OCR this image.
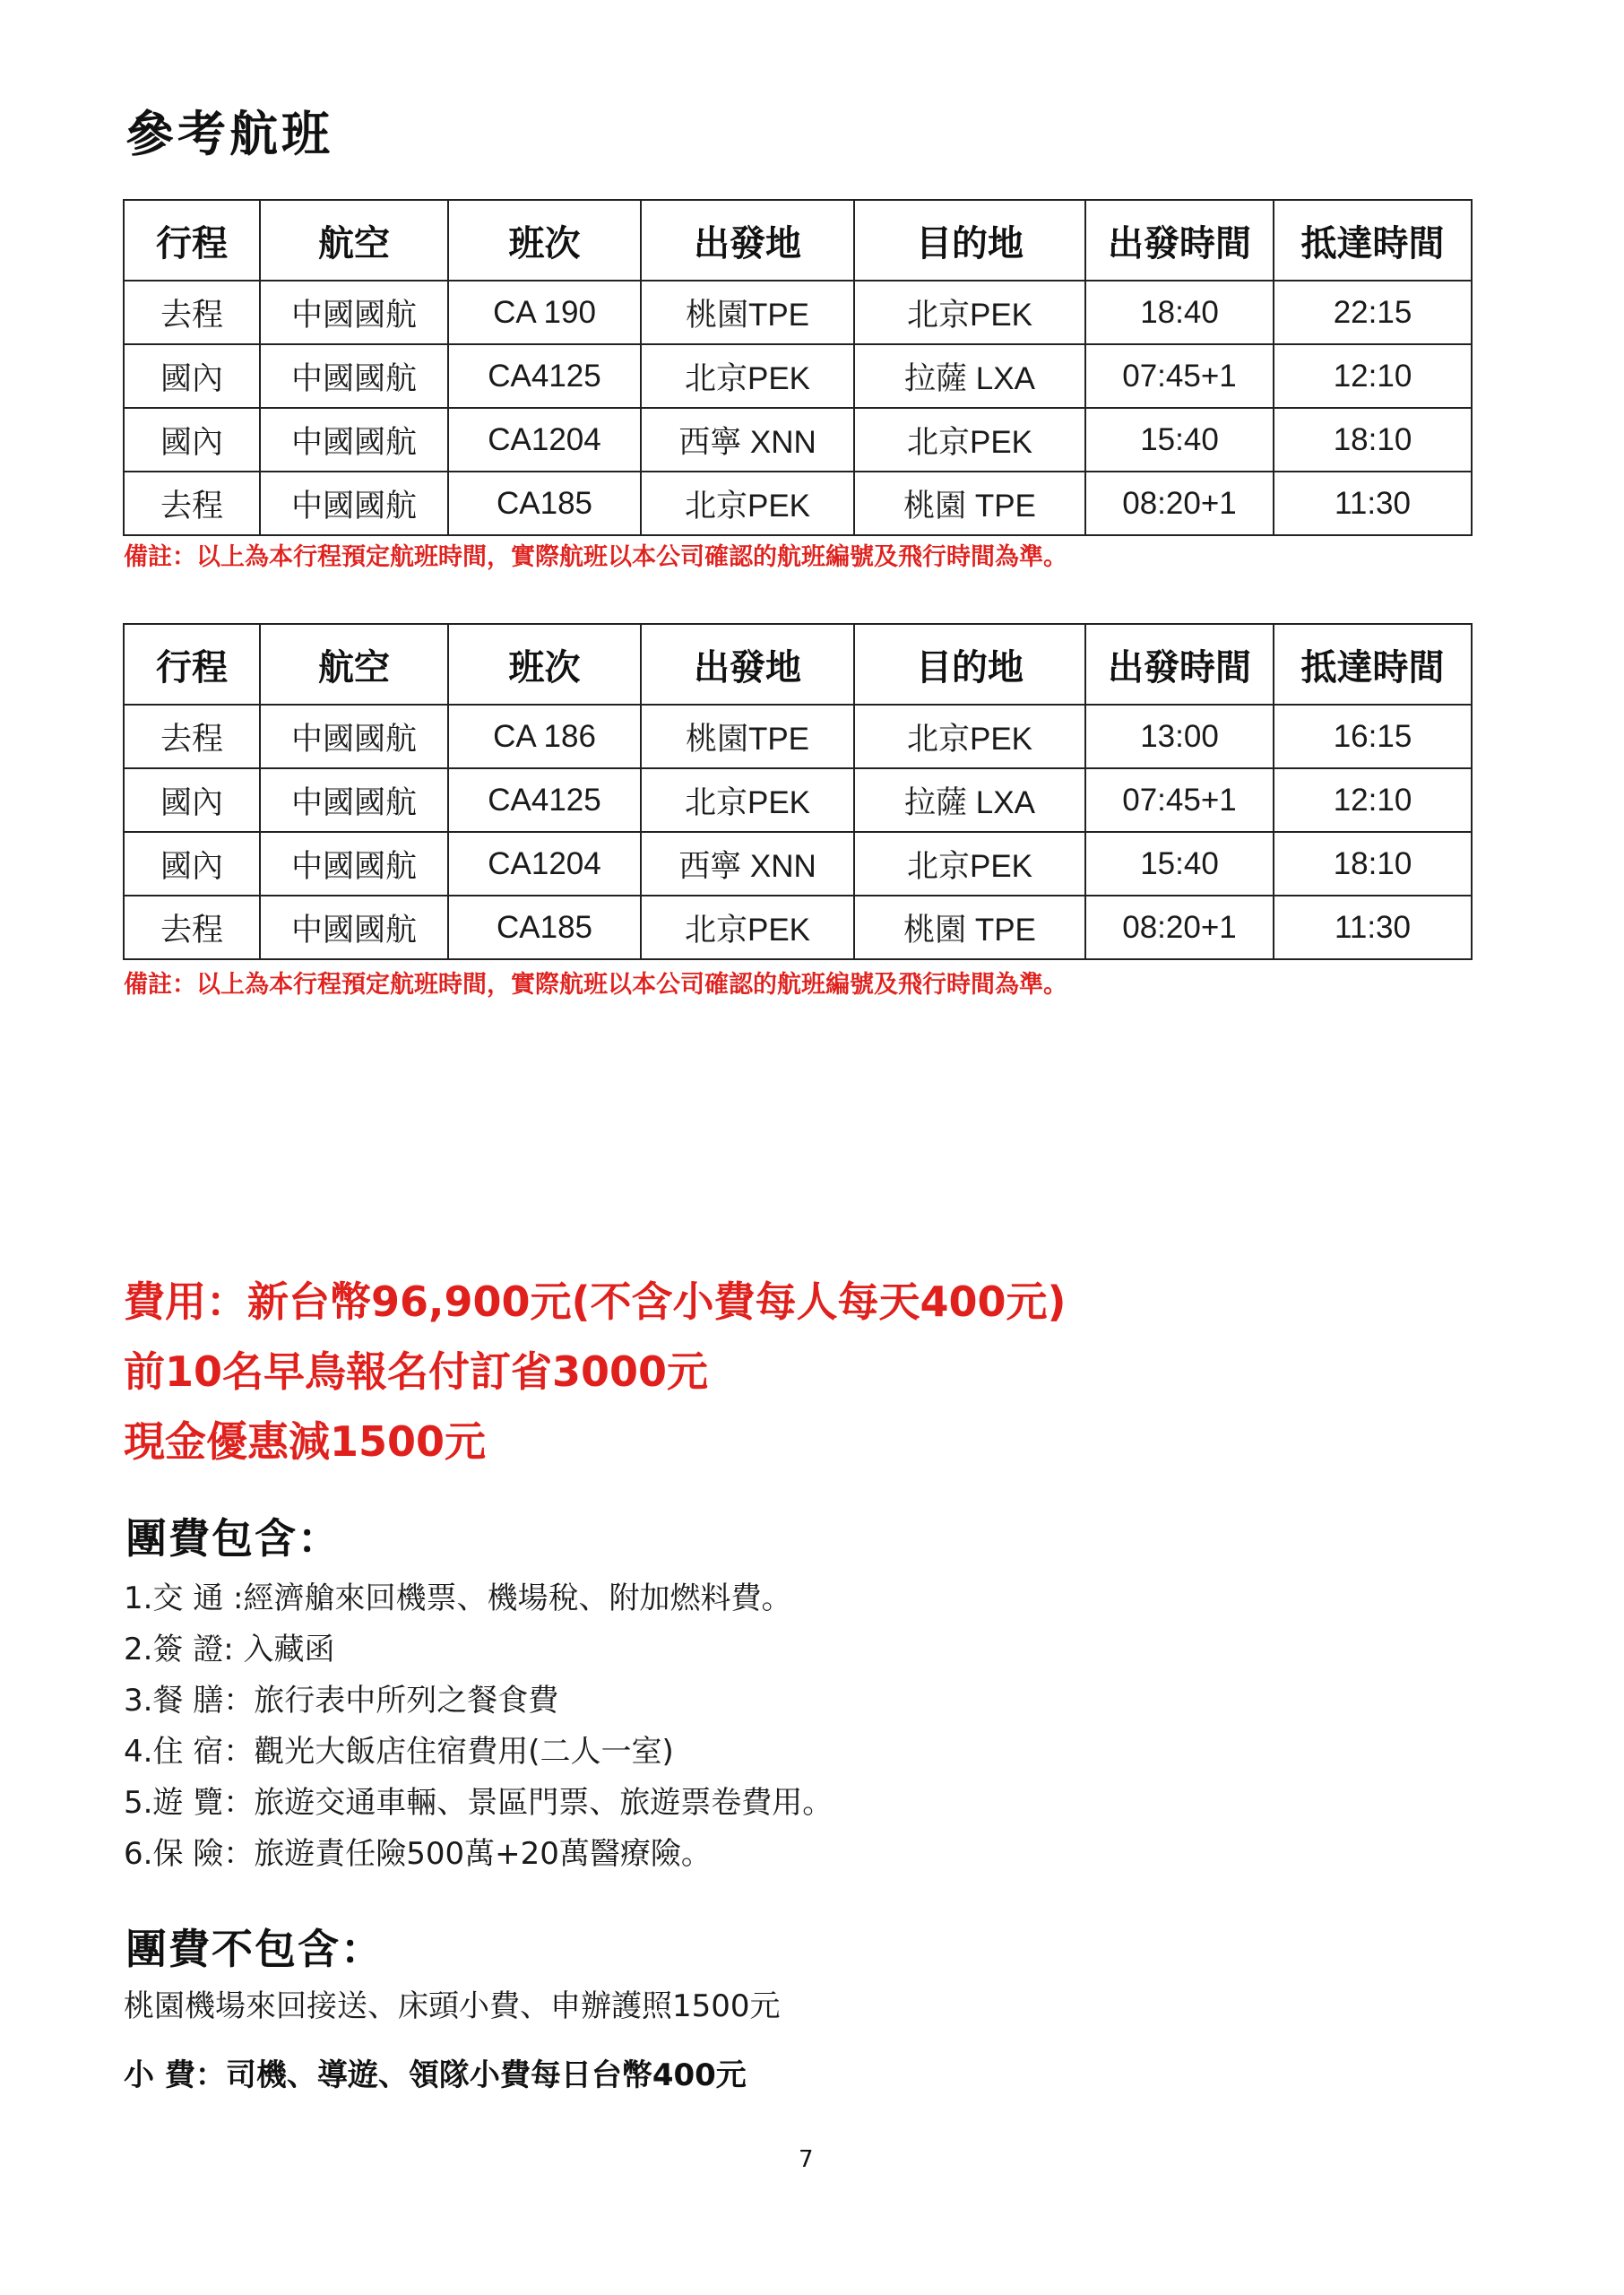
參考航班
行程	航空	班次	出發地	目的地	出發時間	抵達時間
去程	中國國航	CA 190	桃園TPE	北京PEK	18:40	22:15
國內	中國國航	CA4125	北京PEK	拉薩 LXA	07:45+1	12:10
國內	中國國航	CA1204	西寧 XNN	北京PEK	15:40	18:10
去程	中國國航	CA185	北京PEK	桃園 TPE	08:20+1	11:30
備註：以上為本行程預定航班時間，實際航班以本公司確認的航班編號及飛行時間為準。
行程	航空	班次	出發地	目的地	出發時間	抵達時間
去程	中國國航	CA 186	桃園TPE	北京PEK	13:00	16:15
國內	中國國航	CA4125	北京PEK	拉薩 LXA	07:45+1	12:10
國內	中國國航	CA1204	西寧 XNN	北京PEK	15:40	18:10
去程	中國國航	CA185	北京PEK	桃園 TPE	08:20+1	11:30
備註：以上為本行程預定航班時間，實際航班以本公司確認的航班編號及飛行時間為準。
費用：新台幣96,900元(不含小費每人每天400元)
前10名早鳥報名付訂省3000元
現金優惠減1500元
團費包含：
1.交 通 :經濟艙來回機票、機場稅、附加燃料費。
2.簽 證: 入藏函
3.餐 膳：旅行表中所列之餐食費
4.住 宿：觀光大飯店住宿費用(二人一室)
5.遊 覽：旅遊交通車輛、景區門票、旅遊票卷費用。
6.保 險：旅遊責任險500萬+20萬醫療險。
團費不包含：
桃園機場來回接送、床頭小費、申辦護照1500元
小 費：司機、導遊、領隊小費每日台幣400元
7
